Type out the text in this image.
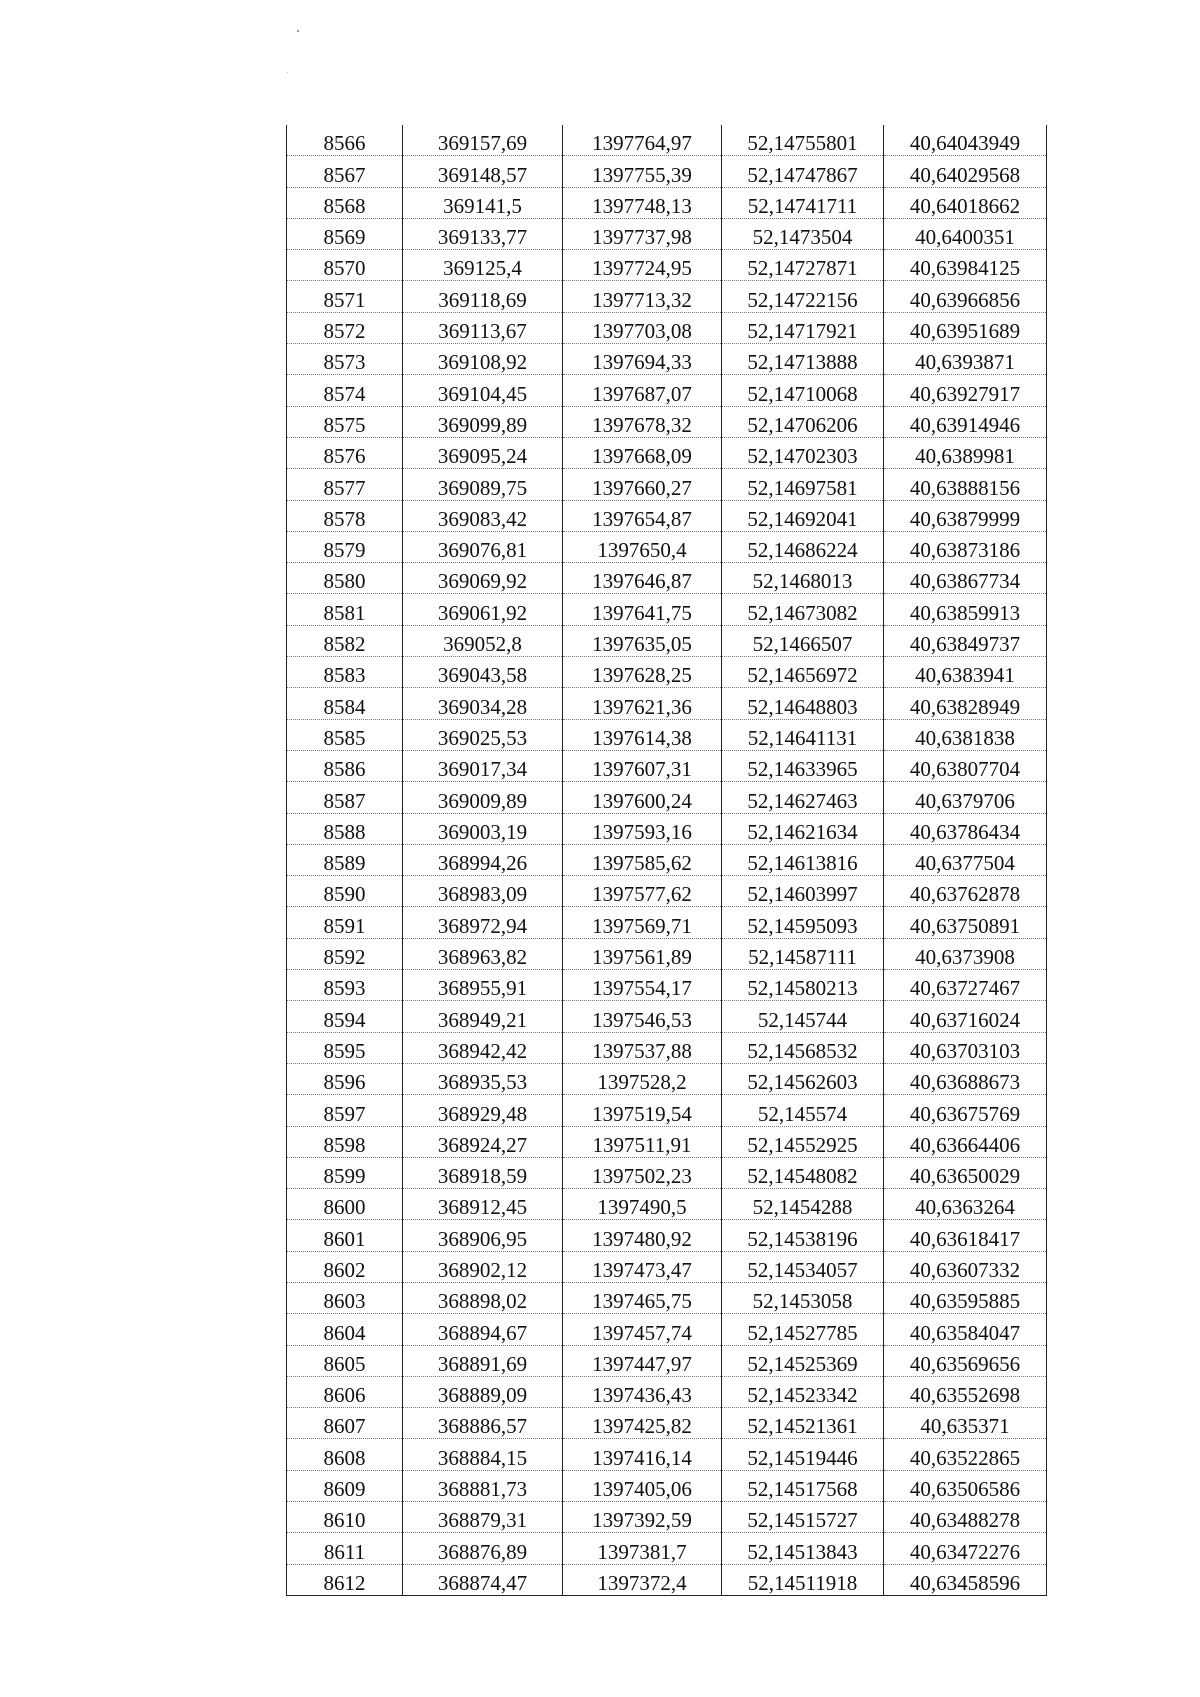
8566	369157,69	1397764,97	52,14755801	40,64043949
8567	369148,57	1397755,39	52,14747867	40,64029568
8568	369141,5	1397748,13	52,14741711	40,64018662
8569	369133,77	1397737,98	52,1473504	40,6400351
8570	369125,4	1397724,95	52,14727871	40,63984125
8571	369118,69	1397713,32	52,14722156	40,63966856
8572	369113,67	1397703,08	52,14717921	40,63951689
8573	369108,92	1397694,33	52,14713888	40,6393871
8574	369104,45	1397687,07	52,14710068	40,63927917
8575	369099,89	1397678,32	52,14706206	40,63914946
8576	369095,24	1397668,09	52,14702303	40,6389981
8577	369089,75	1397660,27	52,14697581	40,63888156
8578	369083,42	1397654,87	52,14692041	40,63879999
8579	369076,81	1397650,4	52,14686224	40,63873186
8580	369069,92	1397646,87	52,1468013	40,63867734
8581	369061,92	1397641,75	52,14673082	40,63859913
8582	369052,8	1397635,05	52,1466507	40,63849737
8583	369043,58	1397628,25	52,14656972	40,6383941
8584	369034,28	1397621,36	52,14648803	40,63828949
8585	369025,53	1397614,38	52,14641131	40,6381838
8586	369017,34	1397607,31	52,14633965	40,63807704
8587	369009,89	1397600,24	52,14627463	40,6379706
8588	369003,19	1397593,16	52,14621634	40,63786434
8589	368994,26	1397585,62	52,14613816	40,6377504
8590	368983,09	1397577,62	52,14603997	40,63762878
8591	368972,94	1397569,71	52,14595093	40,63750891
8592	368963,82	1397561,89	52,14587111	40,6373908
8593	368955,91	1397554,17	52,14580213	40,63727467
8594	368949,21	1397546,53	52,145744	40,63716024
8595	368942,42	1397537,88	52,14568532	40,63703103
8596	368935,53	1397528,2	52,14562603	40,63688673
8597	368929,48	1397519,54	52,145574	40,63675769
8598	368924,27	1397511,91	52,14552925	40,63664406
8599	368918,59	1397502,23	52,14548082	40,63650029
8600	368912,45	1397490,5	52,1454288	40,6363264
8601	368906,95	1397480,92	52,14538196	40,63618417
8602	368902,12	1397473,47	52,14534057	40,63607332
8603	368898,02	1397465,75	52,1453058	40,63595885
8604	368894,67	1397457,74	52,14527785	40,63584047
8605	368891,69	1397447,97	52,14525369	40,63569656
8606	368889,09	1397436,43	52,14523342	40,63552698
8607	368886,57	1397425,82	52,14521361	40,635371
8608	368884,15	1397416,14	52,14519446	40,63522865
8609	368881,73	1397405,06	52,14517568	40,63506586
8610	368879,31	1397392,59	52,14515727	40,63488278
8611	368876,89	1397381,7	52,14513843	40,63472276
8612	368874,47	1397372,4	52,14511918	40,63458596
